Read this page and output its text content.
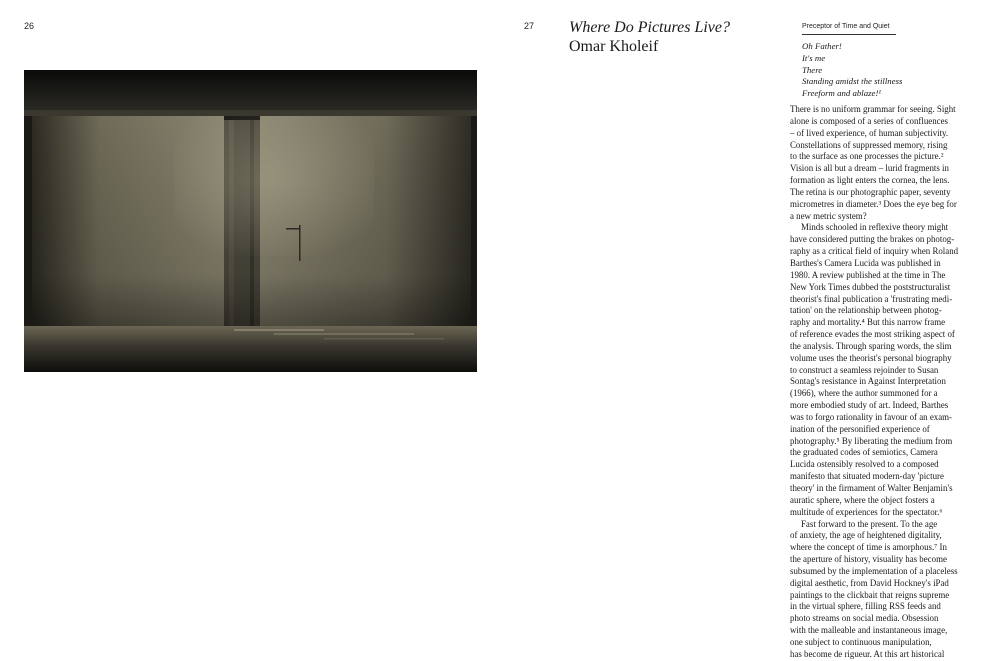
26	27 Where Do Pictures Live?
Omar Kholeif
Preceptor of Time and Quiet
Oh Father!
It's me
There
Standing amidst the stillness
Freeform and ablaze!¹
There is no uniform grammar for seeing. Sight
alone is composed of a series of confluences
– of lived experience, of human subjectivity.
Constellations of suppressed memory, rising
to the surface as one processes the picture.²
Vision is all but a dream – lurid fragments in
formation as light enters the cornea, the lens.
The retina is our photographic paper, seventy
micrometres in diameter.³ Does the eye beg for
a new metric system?
Minds schooled in reflexive theory might
have considered putting the brakes on photog-
raphy as a critical field of inquiry when Roland
Barthes's Camera Lucida was published in
1980. A review published at the time in The
New York Times dubbed the poststructuralist
theorist's final publication a 'frustrating medi-
tation' on the relationship between photog-
raphy and mortality.⁴ But this narrow frame
of reference evades the most striking aspect of
the analysis. Through sparing words, the slim
volume uses the theorist's personal biography
to construct a seamless rejoinder to Susan
Sontag's resistance in Against Interpretation
(1966), where the author summoned for a
more embodied study of art. Indeed, Barthes
was to forgo rationality in favour of an exam-
ination of the personified experience of
photography.⁵ By liberating the medium from
the graduated codes of semiotics, Camera
Lucida ostensibly resolved to a composed
manifesto that situated modern-day 'picture
theory' in the firmament of Walter Benjamin's
auratic sphere, where the object fosters a
multitude of experiences for the spectator.⁶
Fast forward to the present. To the age
of anxiety, the age of heightened digitality,
where the concept of time is amorphous.⁷ In
the aperture of history, visuality has become
subsumed by the implementation of a placeless
digital aesthetic, from David Hockney's iPad
paintings to the clickbait that reigns supreme
in the virtual sphere, filling RSS feeds and
photo streams on social media. Obsession
with the malleable and instantaneous image,
one subject to continuous manipulation,
has become de rigueur. At this art historical
